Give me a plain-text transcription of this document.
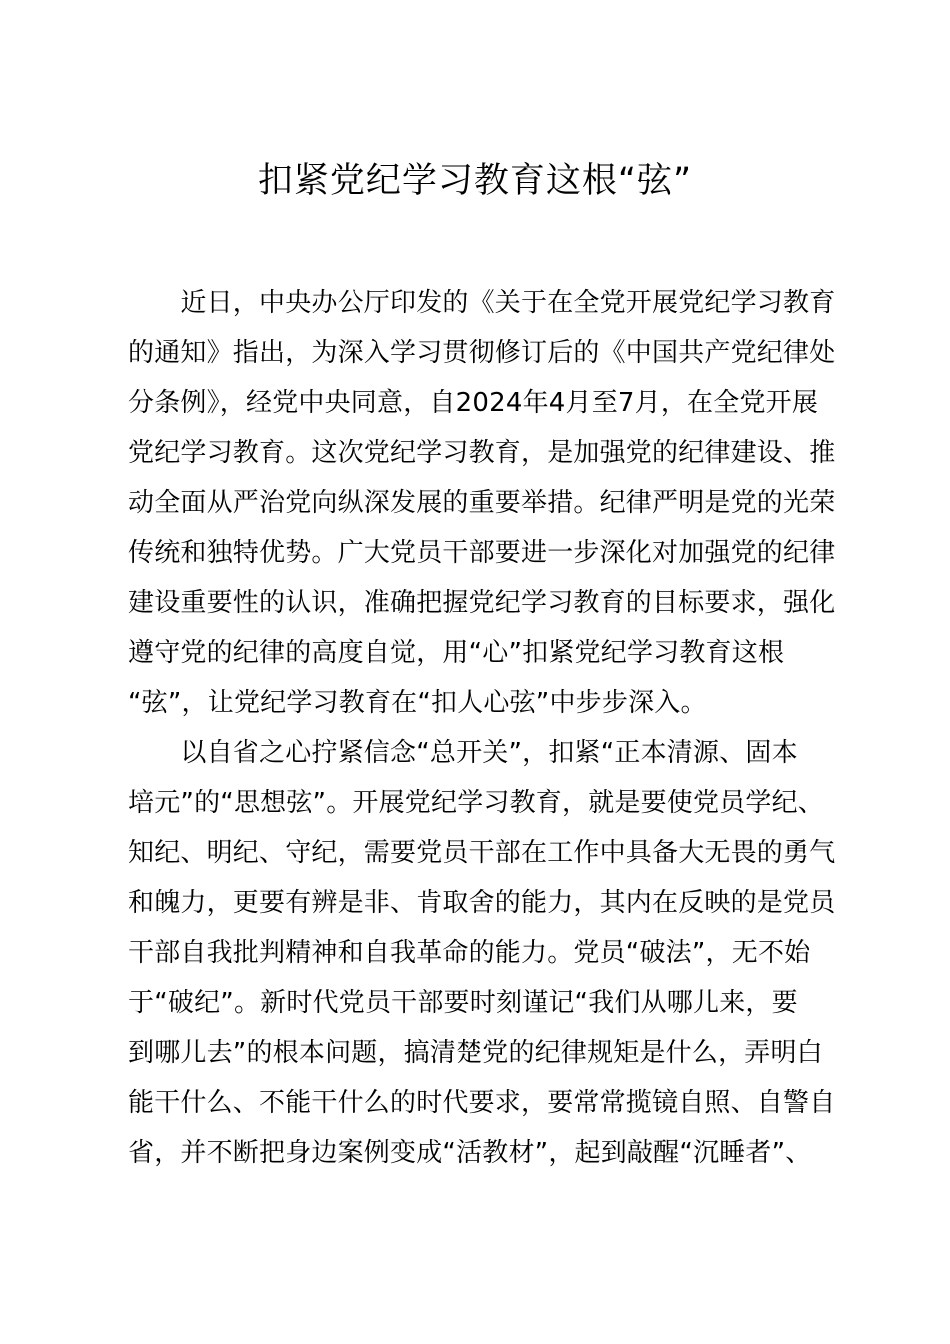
扣紧党纪学习教育这根“弦”
　　近日，中央办公厅印发的《关于在全党开展党纪学习教育
的通知》指出，为深入学习贯彻修订后的《中国共产党纪律处
分条例》，经党中央同意，自2024年4月至7月，在全党开展
党纪学习教育。这次党纪学习教育，是加强党的纪律建设、推
动全面从严治党向纵深发展的重要举措。纪律严明是党的光荣
传统和独特优势。广大党员干部要进一步深化对加强党的纪律
建设重要性的认识，准确把握党纪学习教育的目标要求，强化
遵守党的纪律的高度自觉，用“心”扣紧党纪学习教育这根
“弦”，让党纪学习教育在“扣人心弦”中步步深入。
　　以自省之心拧紧信念“总开关”，扣紧“正本清源、固本
培元”的“思想弦”。开展党纪学习教育，就是要使党员学纪、
知纪、明纪、守纪，需要党员干部在工作中具备大无畏的勇气
和魄力，更要有辨是非、肯取舍的能力，其内在反映的是党员
干部自我批判精神和自我革命的能力。党员“破法”，无不始
于“破纪”。新时代党员干部要时刻谨记“我们从哪儿来，要
到哪儿去”的根本问题，搞清楚党的纪律规矩是什么，弄明白
能干什么、不能干什么的时代要求，要常常揽镜自照、自警自
省，并不断把身边案例变成“活教材”，起到敲醒“沉睡者”、
